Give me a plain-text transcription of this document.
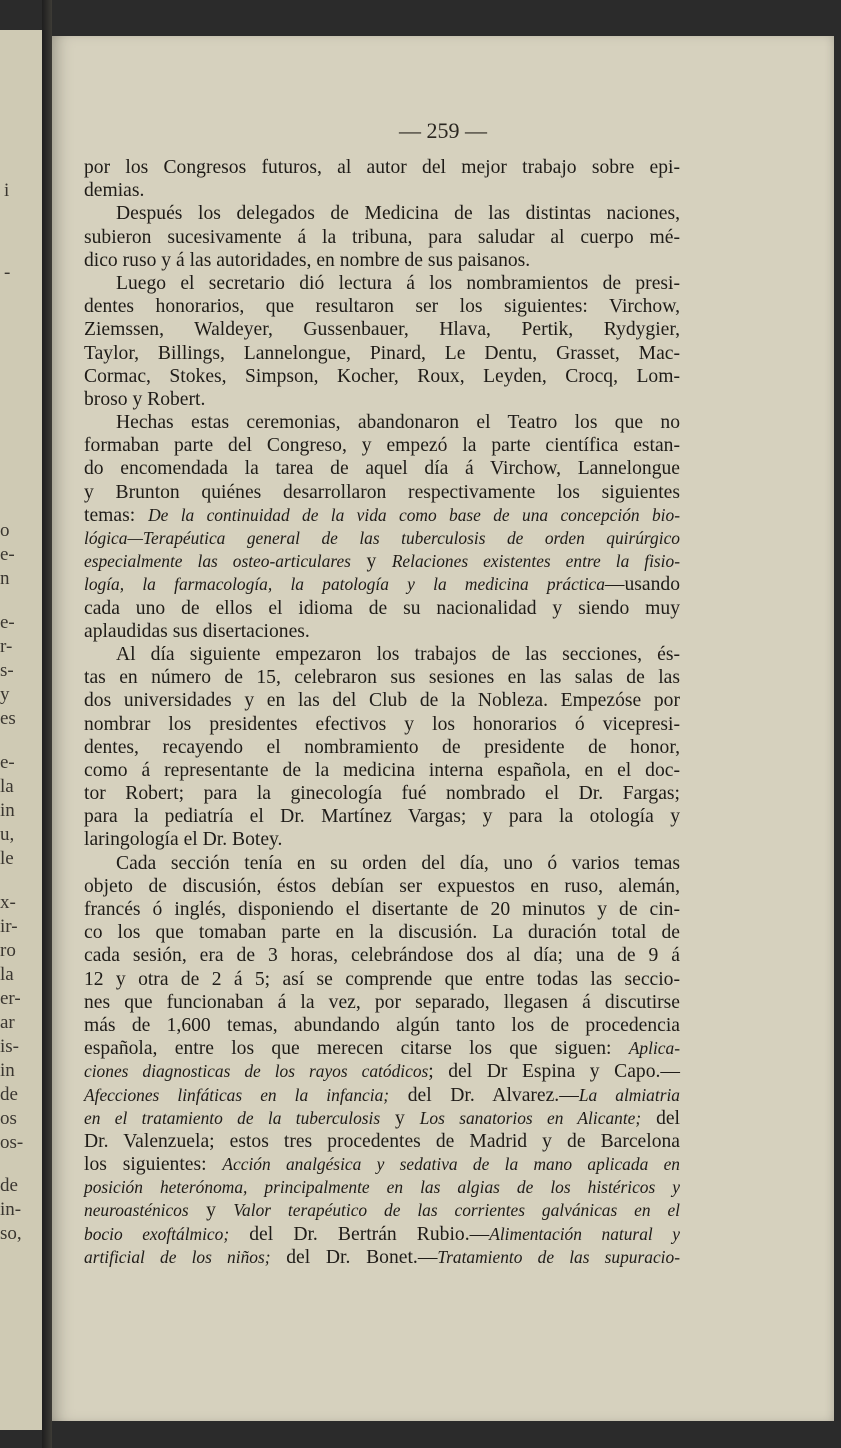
i
-
o
e-
n
e-
r-
s-
y
es
e-
la
in
u,
le
x-
ir-
ro
la
er-
ar
is-
in
de
os
os-
de
in-
so,
— 259 —
por los Congresos futuros, al autor del mejor trabajo sobre epi-
demias.
Después los delegados de Medicina de las distintas naciones,
subieron sucesivamente á la tribuna, para saludar al cuerpo mé-
dico ruso y á las autoridades, en nombre de sus paisanos.
Luego el secretario dió lectura á los nombramientos de presi-
dentes honorarios, que resultaron ser los siguientes: Virchow,
Ziemssen, Waldeyer, Gussenbauer, Hlava, Pertik, Rydygier,
Taylor, Billings, Lannelongue, Pinard, Le Dentu, Grasset, Mac-
Cormac, Stokes, Simpson, Kocher, Roux, Leyden, Crocq, Lom-
broso y Robert.
Hechas estas ceremonias, abandonaron el Teatro los que no
formaban parte del Congreso, y empezó la parte científica estan-
do encomendada la tarea de aquel día á Virchow, Lannelongue
y Brunton quiénes desarrollaron respectivamente los siguientes
temas: De la continuidad de la vida como base de una concepción bio-
lógica—Terapéutica general de las tuberculosis de orden quirúrgico
especialmente las osteo-articulares y Relaciones existentes entre la fisio-
logía, la farmacología, la patología y la medicina práctica—usando
cada uno de ellos el idioma de su nacionalidad y siendo muy
aplaudidas sus disertaciones.
Al día siguiente empezaron los trabajos de las secciones, és-
tas en número de 15, celebraron sus sesiones en las salas de las
dos universidades y en las del Club de la Nobleza. Empezóse por
nombrar los presidentes efectivos y los honorarios ó vicepresi-
dentes, recayendo el nombramiento de presidente de honor,
como á representante de la medicina interna española, en el doc-
tor Robert; para la ginecología fué nombrado el Dr. Fargas;
para la pediatría el Dr. Martínez Vargas; y para la otología y
laringología el Dr. Botey.
Cada sección tenía en su orden del día, uno ó varios temas
objeto de discusión, éstos debían ser expuestos en ruso, alemán,
francés ó inglés, disponiendo el disertante de 20 minutos y de cin-
co los que tomaban parte en la discusión. La duración total de
cada sesión, era de 3 horas, celebrándose dos al día; una de 9 á
12 y otra de 2 á 5; así se comprende que entre todas las seccio-
nes que funcionaban á la vez, por separado, llegasen á discutirse
más de 1,600 temas, abundando algún tanto los de procedencia
española, entre los que merecen citarse los que siguen: Aplica-
ciones diagnosticas de los rayos catódicos; del Dr Espina y Capo.—
Afecciones linfáticas en la infancia; del Dr. Alvarez.—La almiatria
en el tratamiento de la tuberculosis y Los sanatorios en Alicante; del
Dr. Valenzuela; estos tres procedentes de Madrid y de Barcelona
los siguientes: Acción analgésica y sedativa de la mano aplicada en
posición heterónoma, principalmente en las algias de los histéricos y
neuroasténicos y Valor terapéutico de las corrientes galvánicas en el
bocio exoftálmico; del Dr. Bertrán Rubio.—Alimentación natural y
artificial de los niños; del Dr. Bonet.—Tratamiento de las supuracio-
